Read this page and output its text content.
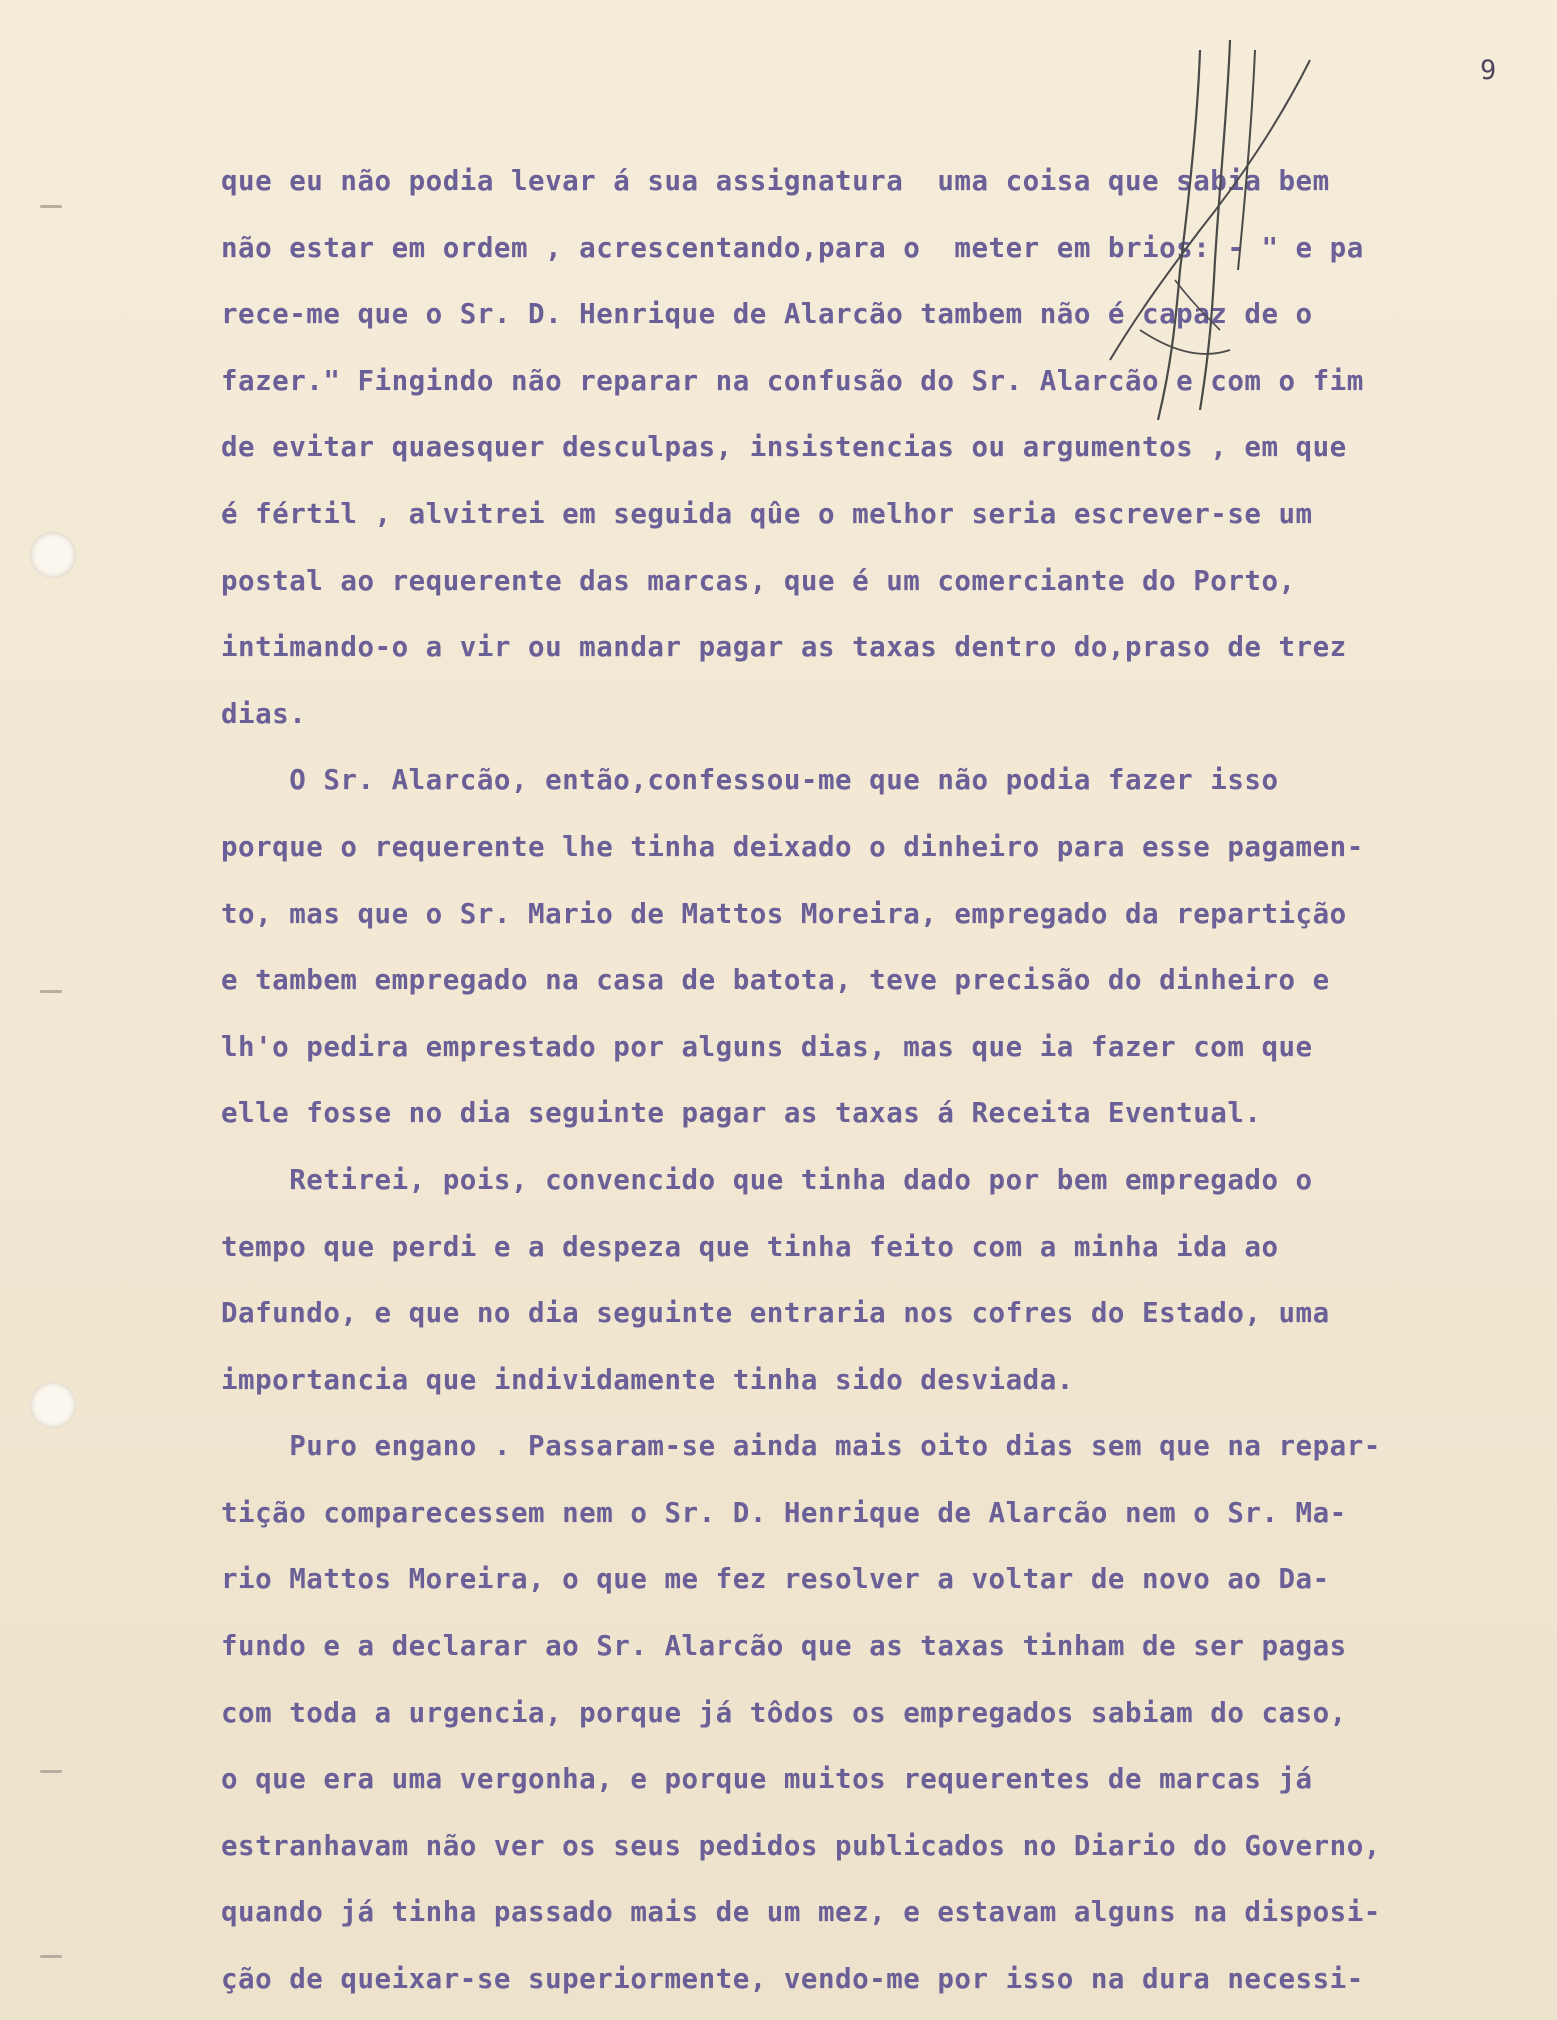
9
que eu não podia levar á sua assignatura  uma coisa que sabia bem
não estar em ordem , acrescentando,para o  meter em brios: - " e pa
rece-me que o Sr. D. Henrique de Alarcão tambem não é capaz de o
fazer." Fingindo não reparar na confusão do Sr. Alarcão e com o fim
de evitar quaesquer desculpas, insistencias ou argumentos , em que
é fértil , alvitrei em seguida qûe o melhor seria escrever-se um
postal ao requerente das marcas, que é um comerciante do Porto,
intimando-o a vir ou mandar pagar as taxas dentro do,praso de trez
dias.
O Sr. Alarcão, então,confessou-me que não podia fazer isso
porque o requerente lhe tinha deixado o dinheiro para esse pagamen-
to, mas que o Sr. Mario de Mattos Moreira, empregado da repartição
e tambem empregado na casa de batota, teve precisão do dinheiro e
lh'o pedira emprestado por alguns dias, mas que ia fazer com que
elle fosse no dia seguinte pagar as taxas á Receita Eventual.
Retirei, pois, convencido que tinha dado por bem empregado o
tempo que perdi e a despeza que tinha feito com a minha ida ao
Dafundo, e que no dia seguinte entraria nos cofres do Estado, uma
importancia que individamente tinha sido desviada.
Puro engano . Passaram-se ainda mais oito dias sem que na repar-
tição comparecessem nem o Sr. D. Henrique de Alarcão nem o Sr. Ma-
rio Mattos Moreira, o que me fez resolver a voltar de novo ao Da-
fundo e a declarar ao Sr. Alarcão que as taxas tinham de ser pagas
com toda a urgencia, porque já tôdos os empregados sabiam do caso,
o que era uma vergonha, e porque muitos requerentes de marcas já
estranhavam não ver os seus pedidos publicados no Diario do Governo,
quando já tinha passado mais de um mez, e estavam alguns na disposi-
ção de queixar-se superiormente, vendo-me por isso na dura necessi-
